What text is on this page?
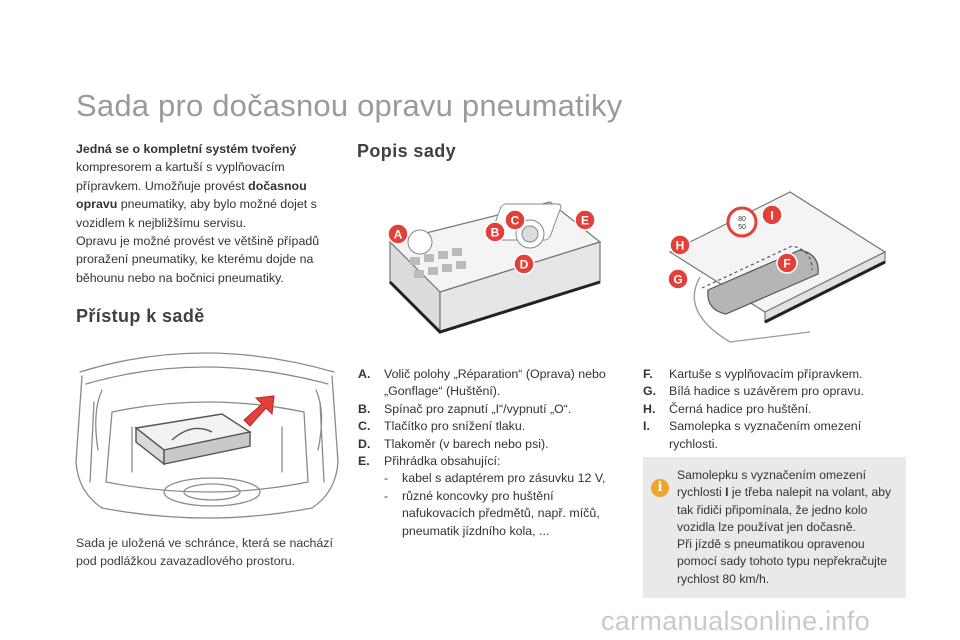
Sada pro dočasnou opravu pneumatiky
Jedná se o kompletní systém tvořený
kompresorem a kartuší s vyplňovacím přípravkem. Umožňuje provést dočasnou opravu pneumatiky, aby bylo možné dojet s vozidlem k nejbližšímu servisu.
Opravu je možné provést ve většině případů proražení pneumatiky, ke kterému dojde na běhounu nebo na bočnici pneumatiky.
Přístup k sadě
Sada je uložená ve schránce, která se nachází pod podlážkou zavazadlového prostoru.
Popis sady
A	B
C
D
E	80
50
I
H
G
F
A.	Volič polohy „Réparation“ (Oprava) nebo „Gonflage“ (Huštění).
B.	Spínač pro zapnutí „I“/vypnutí „O“.
C.	Tlačítko pro snížení tlaku.
D.	Tlakoměr (v barech nebo psi).
E.	Přihrádka obsahující:
-	kabel s adaptérem pro zásuvku 12 V,
-	různé koncovky pro huštění nafukovacích předmětů, např. míčů, pneumatik jízdního kola, ...
F.	Kartuše s vyplňovacím přípravkem.
G.	Bílá hadice s uzávěrem pro opravu.
H.	Černá hadice pro huštění.
I.	Samolepka s vyznačením omezení rychlosti.
i
Samolepku s vyznačením omezení rychlosti I je třeba nalepit na volant, aby tak řidiči připomínala, že jedno kolo vozidla lze používat jen dočasně.
Při jízdě s pneumatikou opravenou pomocí sady tohoto typu nepřekračujte rychlost 80 km/h.
carmanualsonline.info
